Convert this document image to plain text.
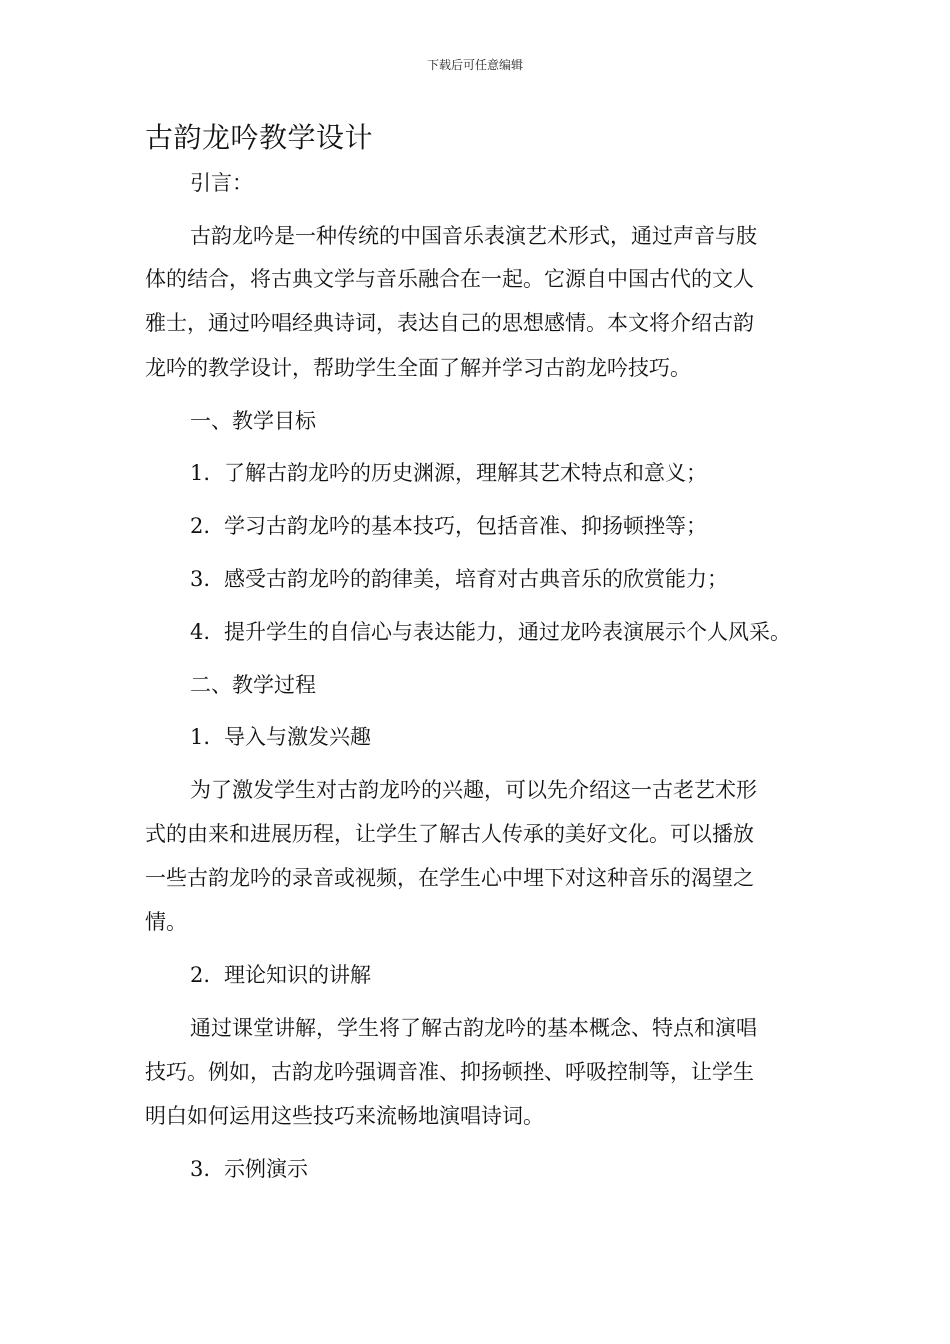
下载后可任意编辑
古韵龙吟教学设计
引言：
古韵龙吟是一种传统的中国音乐表演艺术形式，通过声音与肢
体的结合，将古典文学与音乐融合在一起。它源自中国古代的文人
雅士，通过吟唱经典诗词，表达自己的思想感情。本文将介绍古韵
龙吟的教学设计，帮助学生全面了解并学习古韵龙吟技巧。
一、教学目标
1. 了解古韵龙吟的历史渊源，理解其艺术特点和意义；
2. 学习古韵龙吟的基本技巧，包括音准、抑扬顿挫等；
3. 感受古韵龙吟的韵律美，培育对古典音乐的欣赏能力；
4. 提升学生的自信心与表达能力，通过龙吟表演展示个人风采。
二、教学过程
1. 导入与激发兴趣
为了激发学生对古韵龙吟的兴趣，可以先介绍这一古老艺术形
式的由来和进展历程，让学生了解古人传承的美好文化。可以播放
一些古韵龙吟的录音或视频，在学生心中埋下对这种音乐的渴望之
情。
2. 理论知识的讲解
通过课堂讲解，学生将了解古韵龙吟的基本概念、特点和演唱
技巧。例如，古韵龙吟强调音准、抑扬顿挫、呼吸控制等，让学生
明白如何运用这些技巧来流畅地演唱诗词。
3. 示例演示
